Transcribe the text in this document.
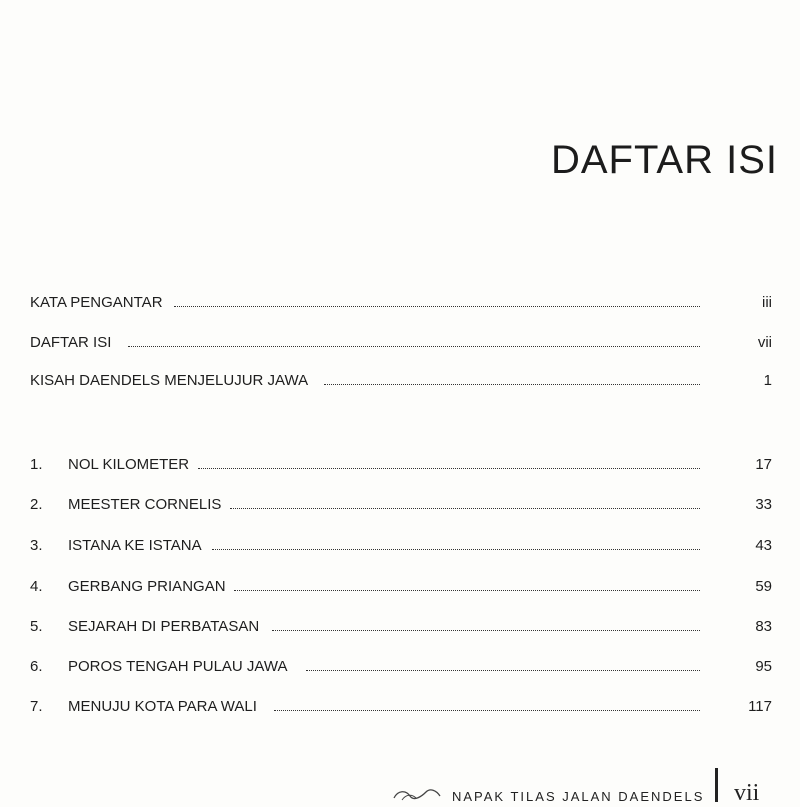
DAFTAR ISI
KATA PENGANTAR	iii
DAFTAR ISI	vii
KISAH DAENDELS MENJELUJUR JAWA	1
1. NOL KILOMETER	17
2. MEESTER CORNELIS	33
3. ISTANA KE ISTANA	43
4. GERBANG PRIANGAN	59
5. SEJARAH DI PERBATASAN	83
6. POROS TENGAH PULAU JAWA	95
7. MENUJU KOTA PARA WALI	117
NAPAK TILAS JALAN DAENDELS vii
